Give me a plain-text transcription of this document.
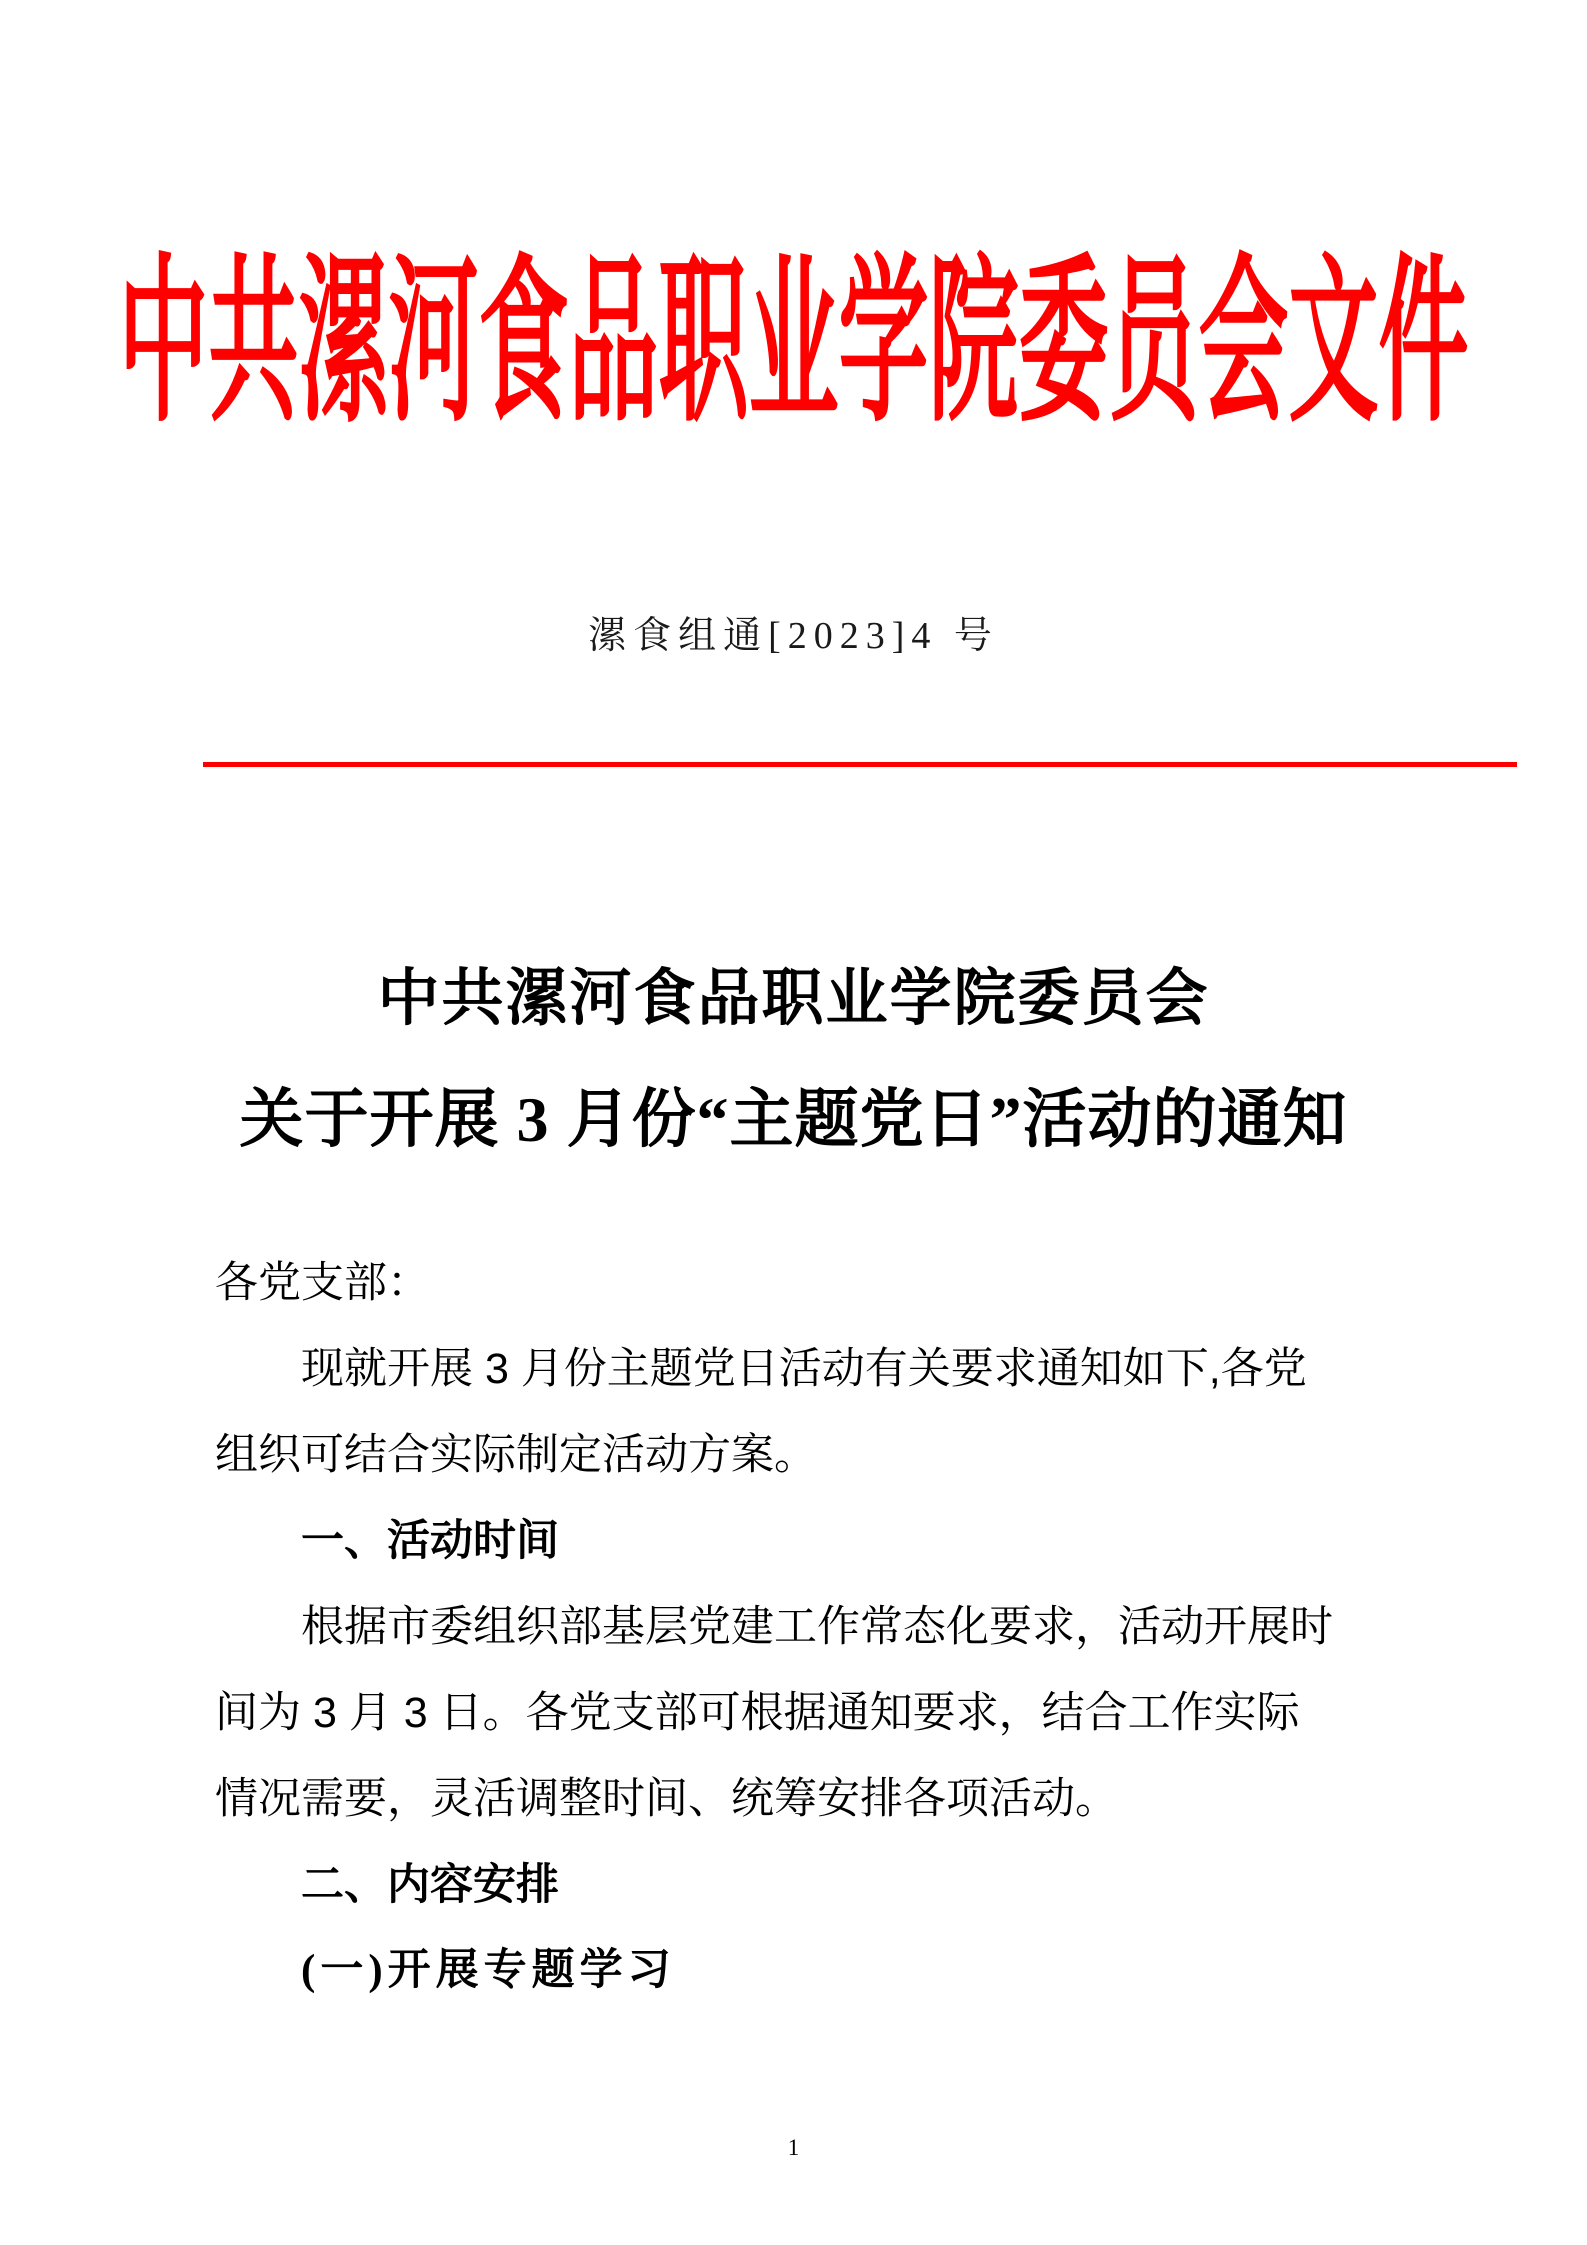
中共漯河食品职业学院委员会文件
漯食组通[2023]4 号
中共漯河食品职业学院委员会
关于开展 3 月份“主题党日”活动的通知
各党支部：
现就开展 3 月份主题党日活动有关要求通知如下,各党
组织可结合实际制定活动方案。
一、活动时间
根据市委组织部基层党建工作常态化要求，活动开展时
间为 3 月 3 日。各党支部可根据通知要求，结合工作实际
情况需要，灵活调整时间、统筹安排各项活动。
二、内容安排
(一)开展专题学习
1
